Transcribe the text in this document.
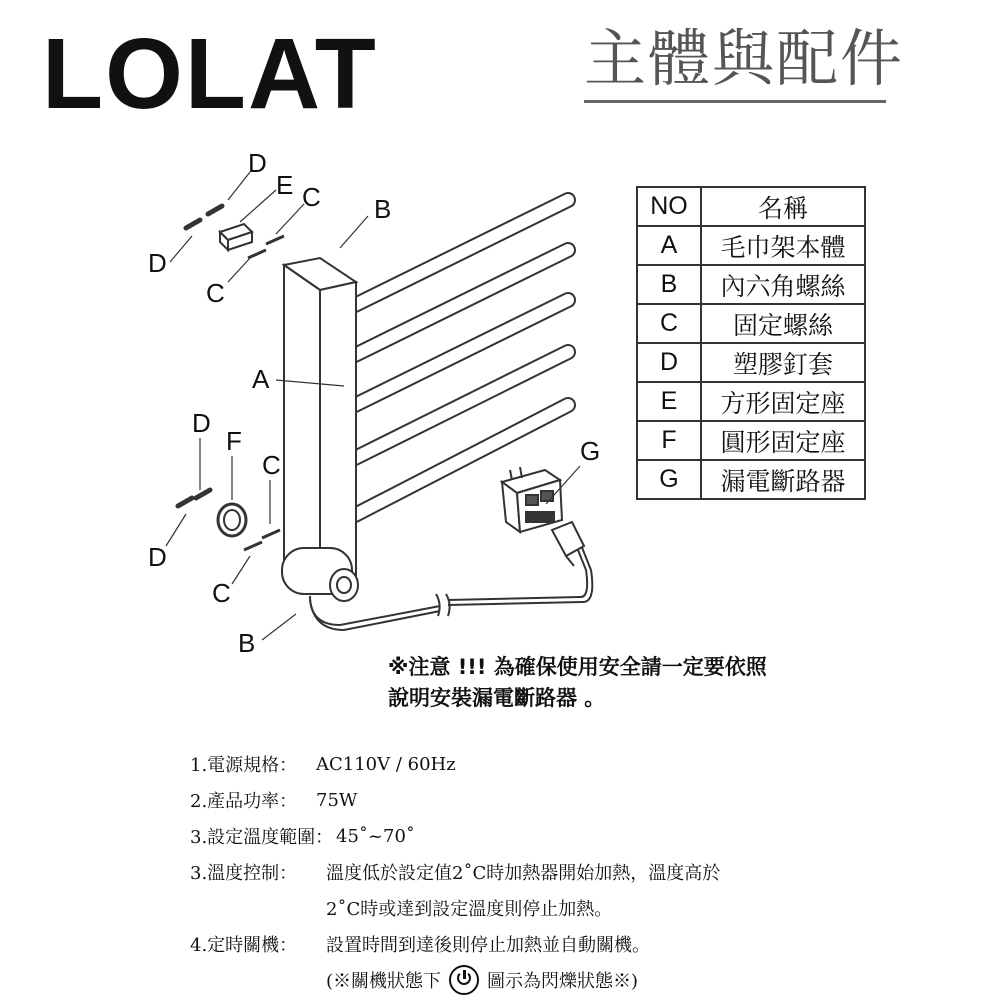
LOLAT	主體與配件
D
E C B
D
C
A
D
F
C
D
C
B
G
NO	名稱
A	毛巾架本體
B	內六角螺絲
C	固定螺絲
D	塑膠釘套
E	方形固定座
F	圓形固定座
G	漏電斷路器
※注意 !!! 為確保使用安全請一定要依照
說明安裝漏電斷路器 。
1.電源規格：	AC110V / 60Hz
2.產品功率：	75W
3.設定溫度範圍： 45˚~70˚
3.溫度控制：	溫度低於設定值2˚C時加熱器開始加熱，溫度高於
2˚C時或達到設定溫度則停止加熱。
4.定時關機：	設置時間到達後則停止加熱並自動關機。
(※關機狀態下	圖示為閃爍狀態※)
